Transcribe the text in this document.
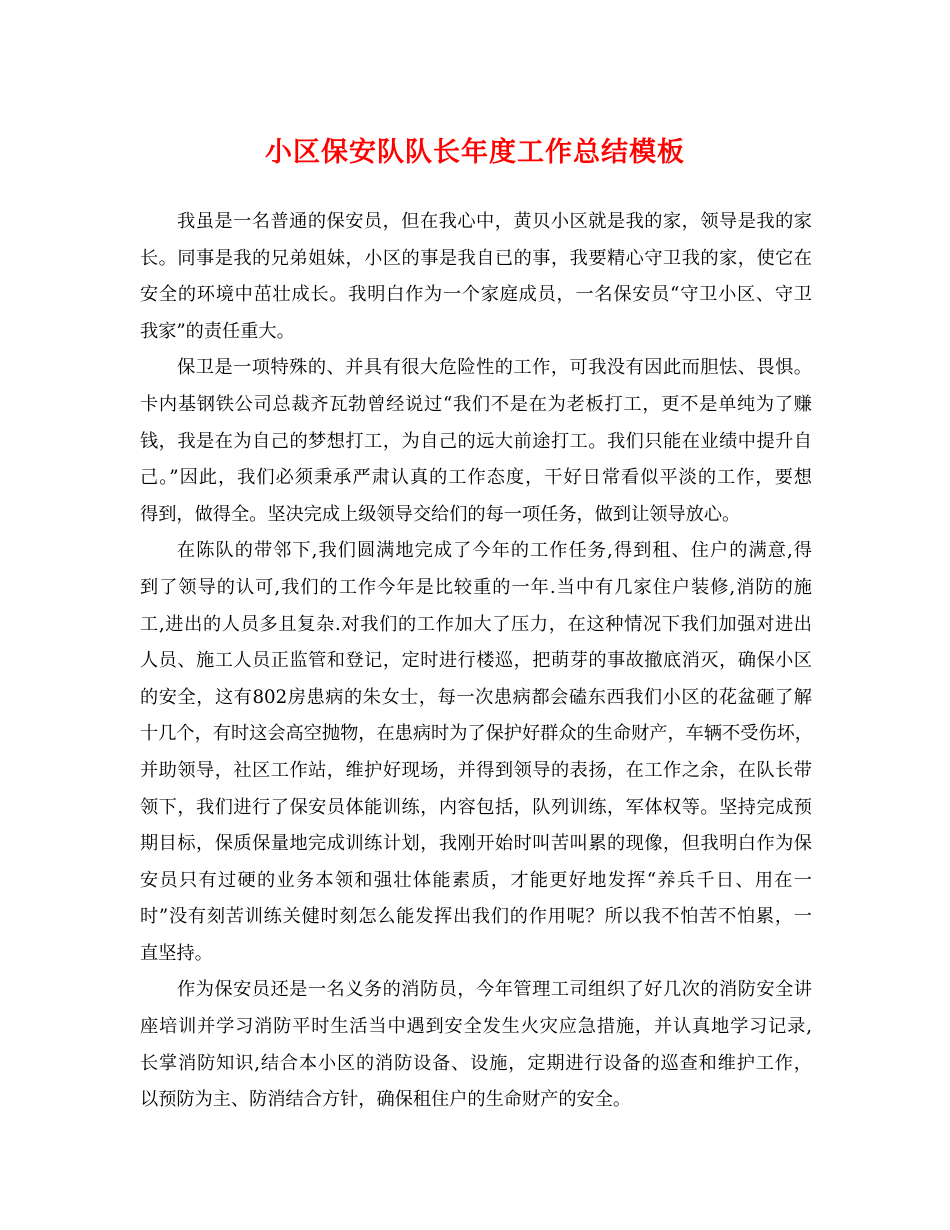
小区保安队队长年度工作总结模板
我虽是一名普通的保安员，但在我心中，黄贝小区就是我的家，领导是我的家
长。同事是我的兄弟姐妹，小区的事是我自已的事，我要精心守卫我的家，使它在
安全的环境中茁壮成长。我明白作为一个家庭成员，一名保安员“守卫小区、守卫
我家”的责任重大。
保卫是一项特殊的、并具有很大危险性的工作，可我没有因此而胆怯、畏惧。
卡内基钢铁公司总裁齐瓦勃曾经说过“我们不是在为老板打工，更不是单纯为了赚
钱，我是在为自己的梦想打工，为自己的远大前途打工。我们只能在业绩中提升自
己。”因此，我们必须秉承严肃认真的工作态度，干好日常看似平淡的工作，要想
得到，做得全。坚决完成上级领导交给们的每一项任务，做到让领导放心。
在陈队的带邻下,我们圆满地完成了今年的工作任务,得到租、住户的满意,得
到了领导的认可,我们的工作今年是比较重的一年.当中有几家住户装修,消防的施
工,进出的人员多且复杂.对我们的工作加大了压力，在这种情况下我们加强对进出
人员、施工人员正监管和登记，定时进行楼巡，把萌芽的事故撤底消灭，确保小区
的安全，这有802房患病的朱女士，每一次患病都会磕东西我们小区的花盆砸了解
十几个，有时这会高空抛物，在患病时为了保护好群众的生命财产，车辆不受伤坏，
并助领导，社区工作站，维护好现场，并得到领导的表扬，在工作之余，在队长带
领下，我们进行了保安员体能训练，内容包括，队列训练，军体权等。坚持完成预
期目标，保质保量地完成训练计划，我刚开始时叫苦叫累的现像，但我明白作为保
安员只有过硬的业务本领和强壮体能素质，才能更好地发挥“养兵千日、用在一
时”没有刻苦训练关健时刻怎么能发挥出我们的作用呢？所以我不怕苦不怕累，一
直坚持。
作为保安员还是一名义务的消防员，今年管理工司组织了好几次的消防安全讲
座培训并学习消防平时生活当中遇到安全发生火灾应急措施，并认真地学习记录,
长掌消防知识,结合本小区的消防设备、设施，定期进行设备的巡查和维护工作，
以预防为主、防消结合方针，确保租住户的生命财产的安全。
